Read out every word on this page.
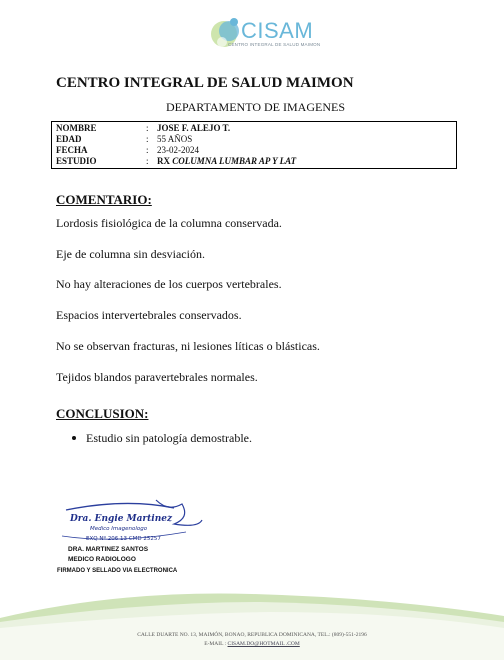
CISAM
CENTRO INTEGRAL DE SALUD MAIMON
CENTRO INTEGRAL DE SALUD MAIMON
DEPARTAMENTO DE IMAGENES
NOMBRE	: JOSE F. ALEJO T.
EDAD	: 55 AÑOS
FECHA	: 23-02-2024
ESTUDIO	: RX COLUMNA LUMBAR AP Y LAT
COMENTARIO:
Lordosis fisiológica de la columna conservada.
Eje de columna sin desviación.
No hay alteraciones de los cuerpos vertebrales.
Espacios intervertebrales conservados.
No se observan fracturas, ni lesiones líticas o blásticas.
Tejidos blandos paravertebrales normales.
CONCLUSION:
Estudio sin patología demostrable.
Dra. Engie Martinez
Medico Imagenologo
EXQ Nº 206 13 CMD 25257
DRA. MARTINEZ SANTOS
MEDICO RADIOLOGO
FIRMADO Y SELLADO VIA ELECTRONICA
CALLE DUARTE NO. 13, MAIMÓN, BONAO, REPUBLICA DOMINICANA, TEL.: (809)-551-2196
E-MAIL : CISAM.DO@HOTMAIL .COM
